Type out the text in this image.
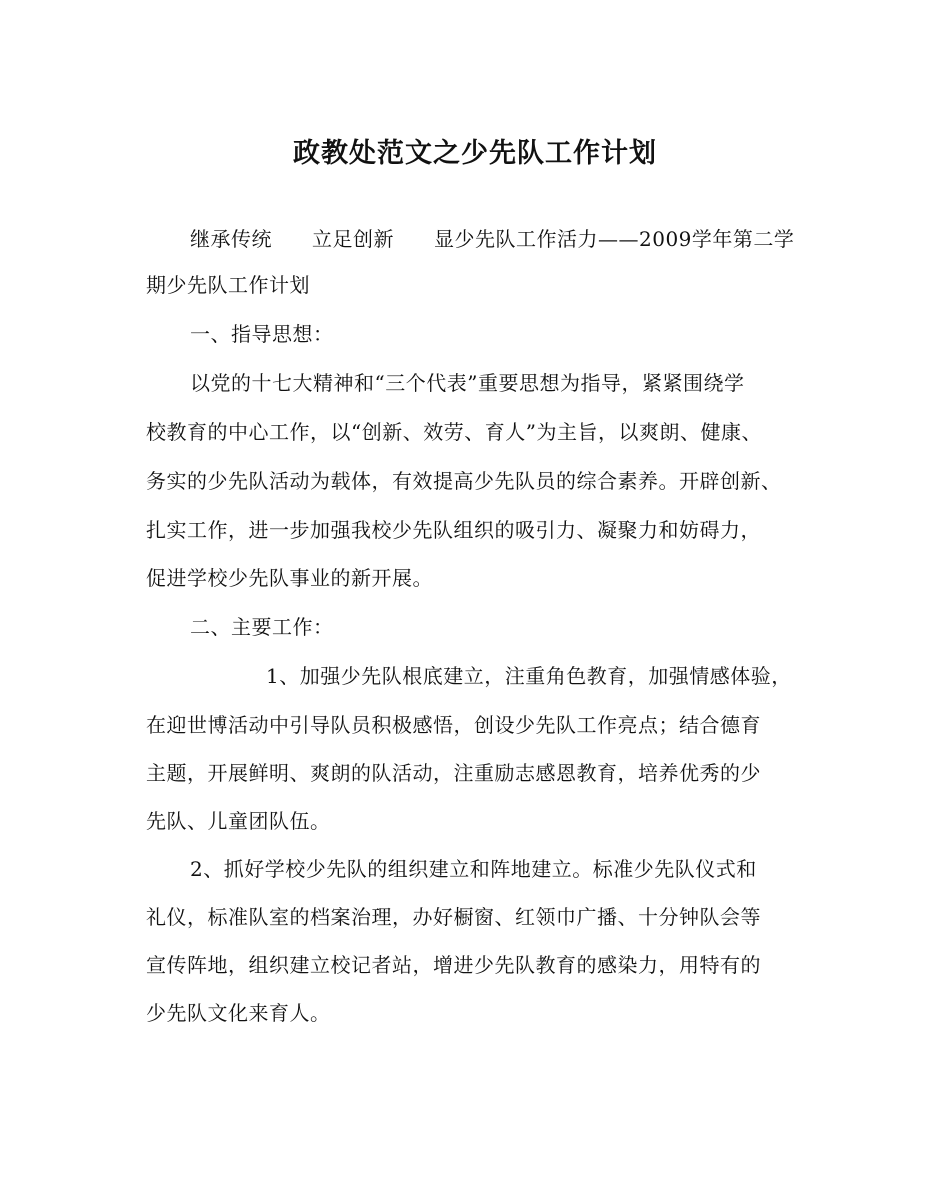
政教处范文之少先队工作计划
继承传统 立足创新 显少先队工作活力——2009学年第二学
期少先队工作计划
一、指导思想：
以党的十七大精神和“三个代表”重要思想为指导，紧紧围绕学
校教育的中心工作，以“创新、效劳、育人”为主旨，以爽朗、健康、
务实的少先队活动为载体，有效提高少先队员的综合素养。开辟创新、
扎实工作，进一步加强我校少先队组织的吸引力、凝聚力和妨碍力，
促进学校少先队事业的新开展。
二、主要工作：
1、加强少先队根底建立，注重角色教育，加强情感体验，
在迎世博活动中引导队员积极感悟，创设少先队工作亮点；结合德育
主题，开展鲜明、爽朗的队活动，注重励志感恩教育，培养优秀的少
先队、儿童团队伍。
2、抓好学校少先队的组织建立和阵地建立。标准少先队仪式和
礼仪，标准队室的档案治理，办好橱窗、红领巾广播、十分钟队会等
宣传阵地，组织建立校记者站，增进少先队教育的感染力，用特有的
少先队文化来育人。
